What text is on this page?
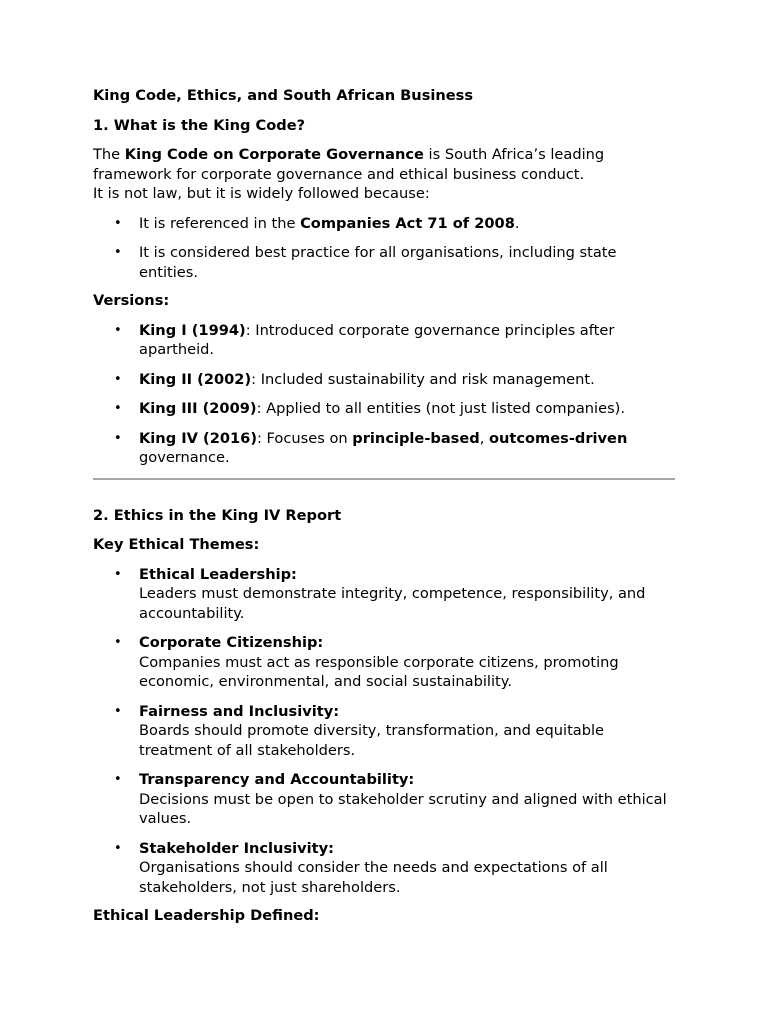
King Code, Ethics, and South African Business

1. What is the King Code?

The King Code on Corporate Governance is South Africa’s leading framework for corporate governance and ethical business conduct.
It is not law, but it is widely followed because:

• It is referenced in the Companies Act 71 of 2008.
• It is considered best practice for all organisations, including state entities.

Versions:

• King I (1994): Introduced corporate governance principles after apartheid.
• King II (2002): Included sustainability and risk management.
• King III (2009): Applied to all entities (not just listed companies).
• King IV (2016): Focuses on principle-based, outcomes-driven governance.

2. Ethics in the King IV Report

Key Ethical Themes:

• Ethical Leadership:
Leaders must demonstrate integrity, competence, responsibility, and accountability.
• Corporate Citizenship:
Companies must act as responsible corporate citizens, promoting economic, environmental, and social sustainability.
• Fairness and Inclusivity:
Boards should promote diversity, transformation, and equitable treatment of all stakeholders.
• Transparency and Accountability:
Decisions must be open to stakeholder scrutiny and aligned with ethical values.
• Stakeholder Inclusivity:
Organisations should consider the needs and expectations of all stakeholders, not just shareholders.

Ethical Leadership Defined:
